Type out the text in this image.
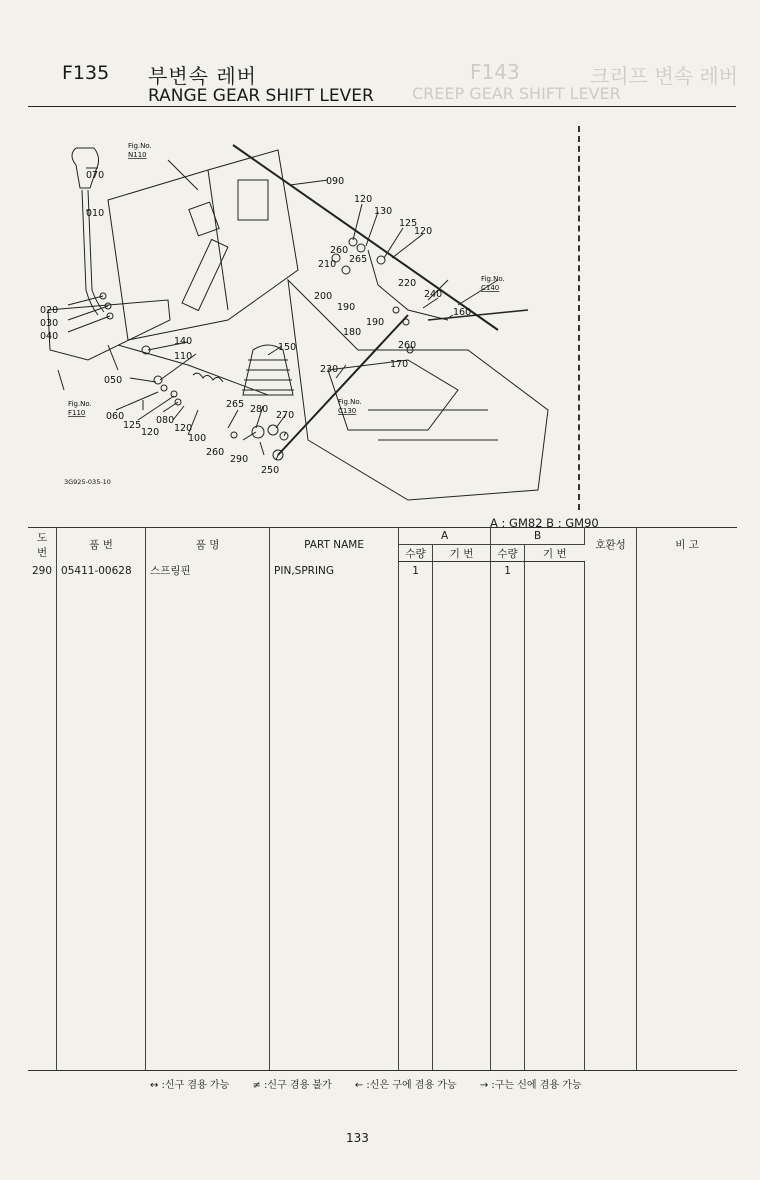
F143	크리프 변속 레버
CREEP GEAR SHIFT LEVER
F135 부변속 레버
RANGE GEAR SHIFT LEVER
Fig.No.
N110
Fig.No.
C140
Fig.No.
F110
Fig.No.
C130
070
010
090
120
130
125
120
260
265
210
220
240
200
190
190
180
160
260
170
020
030
040	140
110
150
230
050
060
125
120
080
120
265 280
270
100
260
290
250
3G925-035-10
A : GM82 B : GM90
도번	품 번	품 명	PART NAME	A		B		호환성	비 고
				수량	기 번	수량	기 번		
290	05411-00628	스프링핀	PIN,SPRING	1		1			

↔ :신구 겸용 가능 ≠ :신구 겸용 불가 ← :신은 구에 겸용 가능 → :구는 신에 겸용 가능
133
